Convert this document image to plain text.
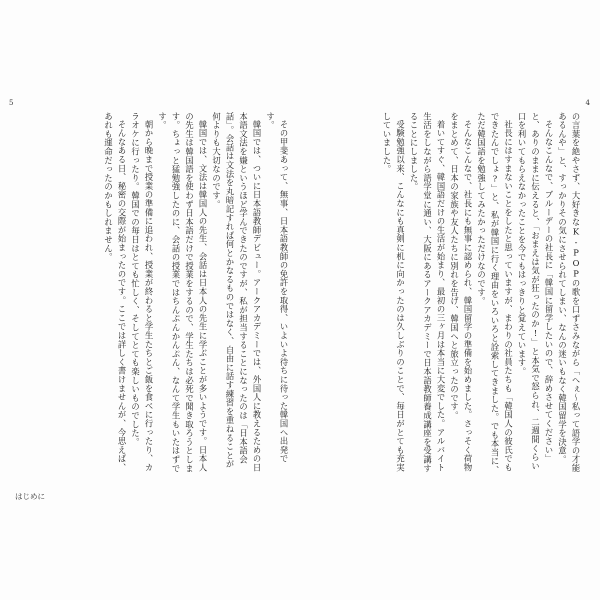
5	4

の言葉を絶やさず、大好きなK-POPの歌を口ずさみながら「へぇ〜私って語学の才能あるんや」と、すっかりその気にさせられてしまい、なんの迷いもなく韓国留学を決意。

そんなこんなで、ブルーデーの社長に「韓国に留学したいので、辞めさせてください」と、ありのままに伝えると、「おまえは気が狂ったのか!」と本気で怒られ、二週間くらい口を利いてもらえなかったことを今でもはっきりと覚えています。

社長にはすまないことをしたと思っていますが、まわりの社員たちも「韓国人の彼氏でもできたんでしょ?」と、私が韓国に行く理由をいろいろと詮索してきました。でも本当に、ただ韓国語を勉強してみたかっただけなのです。

そんなこんなで、社長にも無事に認められ、韓国留学の準備を始めました。さっそく荷物をまとめて、日本の家族や友人たちに別れを告げ、韓国へと旅立ったのです。

着いてすぐ、韓国語だけの生活が始まり、最初の三ヶ月は本当に大変でした。アルバイト生活をしながら語学堂に通い、大阪にあるアークアカデミーで日本語教師養成講座を受講することにしました。

受験勉強以来、こんなにも真剣に机に向かったのは久しぶりのことで、毎日がとても充実していました。

その甲斐あって、無事、日本語教師の免許を取得、いよいよ待ちに待った韓国へ出発です。

韓国では、ついに日本語教師デビュー。アークアカデミーでは、外国人に教えるための日本語文法を嫌というほど学んできたのですが、私が担当することになったのは「日本語会話」。会話は文法を丸暗記すれば何とかなるものではなく、自由に話す練習を重ねることが何よりも大切なのです。

韓国では、文法は韓国人の先生、会話は日本人の先生に学ぶことが多いようです。日本人の先生は韓国語を使わず日本語だけで授業をするので、学生たちは必死で聞き取ろうとします。ちょっと猛勉強したのに、会話の授業ではちんぷんかんぷん、なんて学生もいたはずです。

朝から晩まで授業の準備に追われ、授業が終わると学生たちとご飯を食べに行ったり、カラオケに行ったり。韓国での毎日はとても忙しく、そしてとても楽しいものでした。

そんなある日、秘密の交際が始まったのです。ここでは詳しく書けませんが、今思えば、あれも運命だったのかもしれません。

はじめに
